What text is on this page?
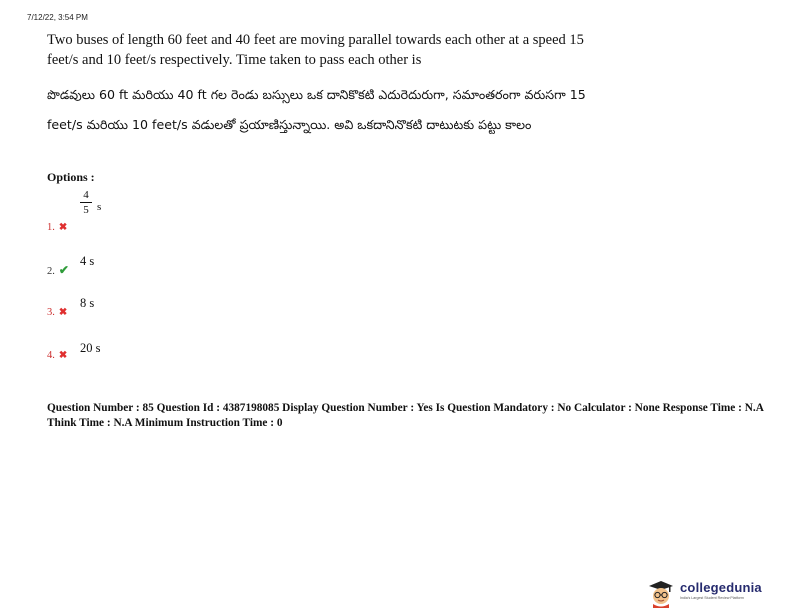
7/12/22, 3:54 PM
Two buses of length 60 feet and 40 feet are moving parallel towards each other at a speed 15 feet/s and 10 feet/s respectively. Time taken to pass each other is
పొడవులు 60 ft మరియు 40 ft గల రెండు బస్సులు ఒక దానికొకటి ఎదురెదురుగా, సమాంతరంగా వరుసగా 15 feet/s మరియు 10 feet/s వడులతో ప్రయాణిస్తున్నాయి. అవి ఒకదానినొకటి దాటుటకు పట్టు కాలం
Options :
1. ✖
4
5 s
2. ✔
4 s
3. ✖
8 s
4. ✖
20 s
Question Number : 85 Question Id : 4387198085 Display Question Number : Yes Is Question Mandatory : No Calculator : None Response Time : N.A Think Time : N.A Minimum Instruction Time : 0
collegedunia
India's Largest Student Review Platform
